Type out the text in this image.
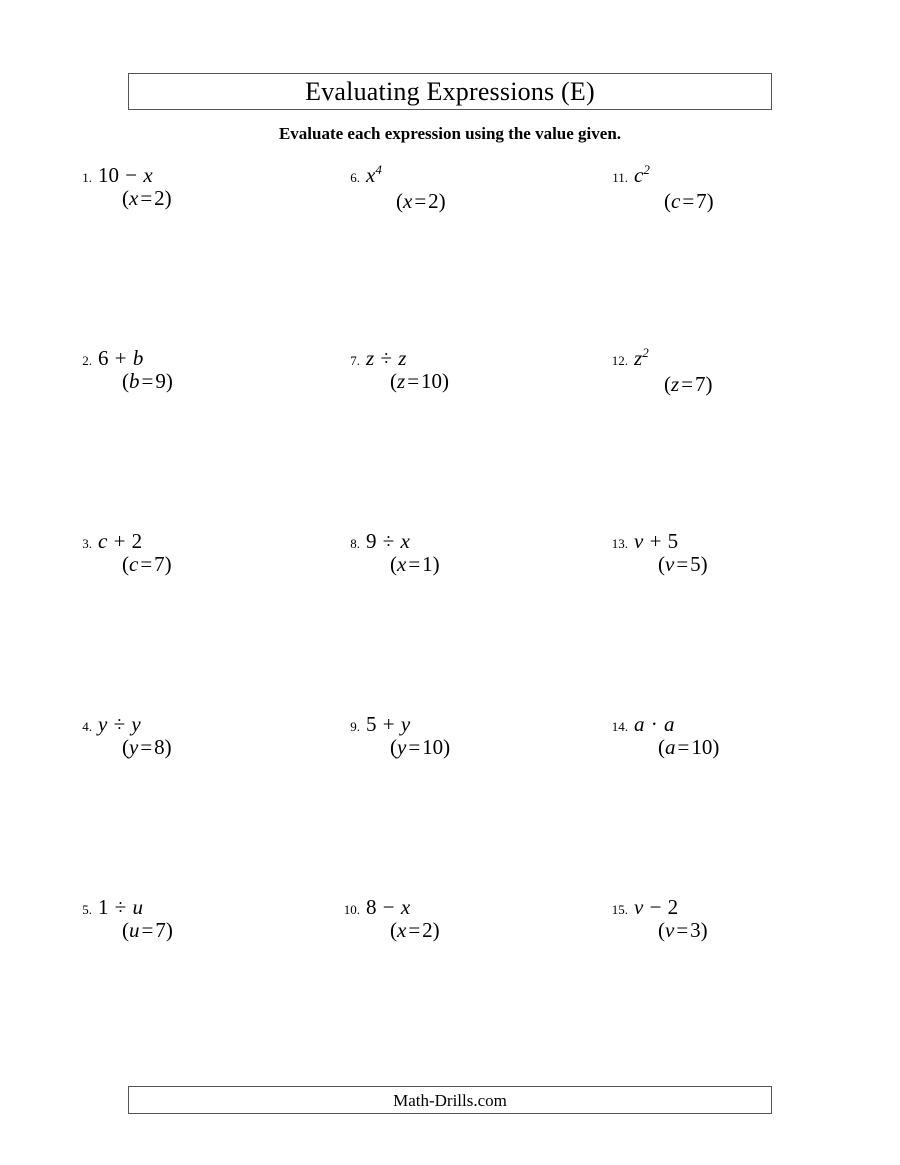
Evaluating Expressions (E)
Evaluate each expression using the value given.
1. 10 − x
(x=2)
2. 6 + b
(b=9)
3. c + 2
(c=7)
4. y ÷ y
(y=8)
5. 1 ÷ u
(u=7)
6. $x^4$
(x=2)
7. z ÷ z
(z=10)
8. 9 ÷ x
(x=1)
9. 5 + y
(y=10)
10. 8 − x
(x=2)
11. $c^2$
(c=7)
12. $z^2$
(z=7)
13. v + 5
(v=5)
14. a · a
(a=10)
15. v − 2
(v=3)
Math-Drills.com
